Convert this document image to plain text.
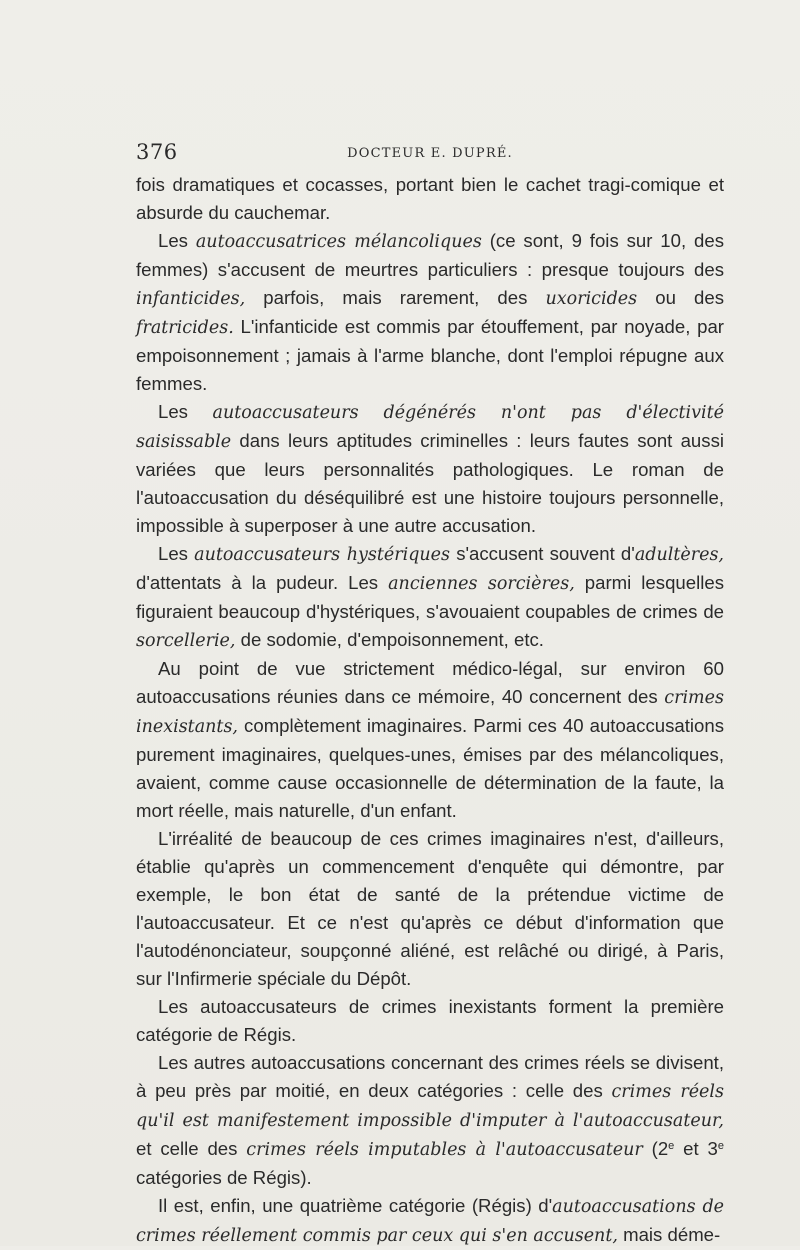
376	DOCTEUR E. DUPRÉ.

fois dramatiques et cocasses, portant bien le cachet tragi-comique et absurde du cauchemar.

Les autoaccusatrices mélancoliques (ce sont, 9 fois sur 10, des femmes) s'accusent de meurtres particuliers : presque toujours des infanticides, parfois, mais rarement, des uxoricides ou des fratricides. L'infanticide est commis par étouffement, par noyade, par empoisonnement ; jamais à l'arme blanche, dont l'emploi répugne aux femmes.

Les autoaccusateurs dégénérés n'ont pas d'électivité saisissable dans leurs aptitudes criminelles : leurs fautes sont aussi variées que leurs personnalités pathologiques. Le roman de l'autoaccusation du déséquilibré est une histoire toujours personnelle, impossible à superposer à une autre accusation.

Les autoaccusateurs hystériques s'accusent souvent d'adultères, d'attentats à la pudeur. Les anciennes sorcières, parmi lesquelles figuraient beaucoup d'hystériques, s'avouaient coupables de crimes de sorcellerie, de sodomie, d'empoisonnement, etc.

Au point de vue strictement médico-légal, sur environ 60 autoaccusations réunies dans ce mémoire, 40 concernent des crimes inexistants, complètement imaginaires. Parmi ces 40 autoaccusations purement imaginaires, quelques-unes, émises par des mélancoliques, avaient, comme cause occasionnelle de détermination de la faute, la mort réelle, mais naturelle, d'un enfant.

L'irréalité de beaucoup de ces crimes imaginaires n'est, d'ailleurs, établie qu'après un commencement d'enquête qui démontre, par exemple, le bon état de santé de la prétendue victime de l'autoaccusateur. Et ce n'est qu'après ce début d'information que l'autodénonciateur, soupçonné aliéné, est relâché ou dirigé, à Paris, sur l'Infirmerie spéciale du Dépôt.

Les autoaccusateurs de crimes inexistants forment la première catégorie de Régis.

Les autres autoaccusations concernant des crimes réels se divisent, à peu près par moitié, en deux catégories : celle des crimes réels qu'il est manifestement impossible d'imputer à l'autoaccusateur, et celle des crimes réels imputables à l'autoaccusateur (2e et 3e catégories de Régis).

Il est, enfin, une quatrième catégorie (Régis) d'autoaccusations de crimes réellement commis par ceux qui s'en accusent, mais déme-
